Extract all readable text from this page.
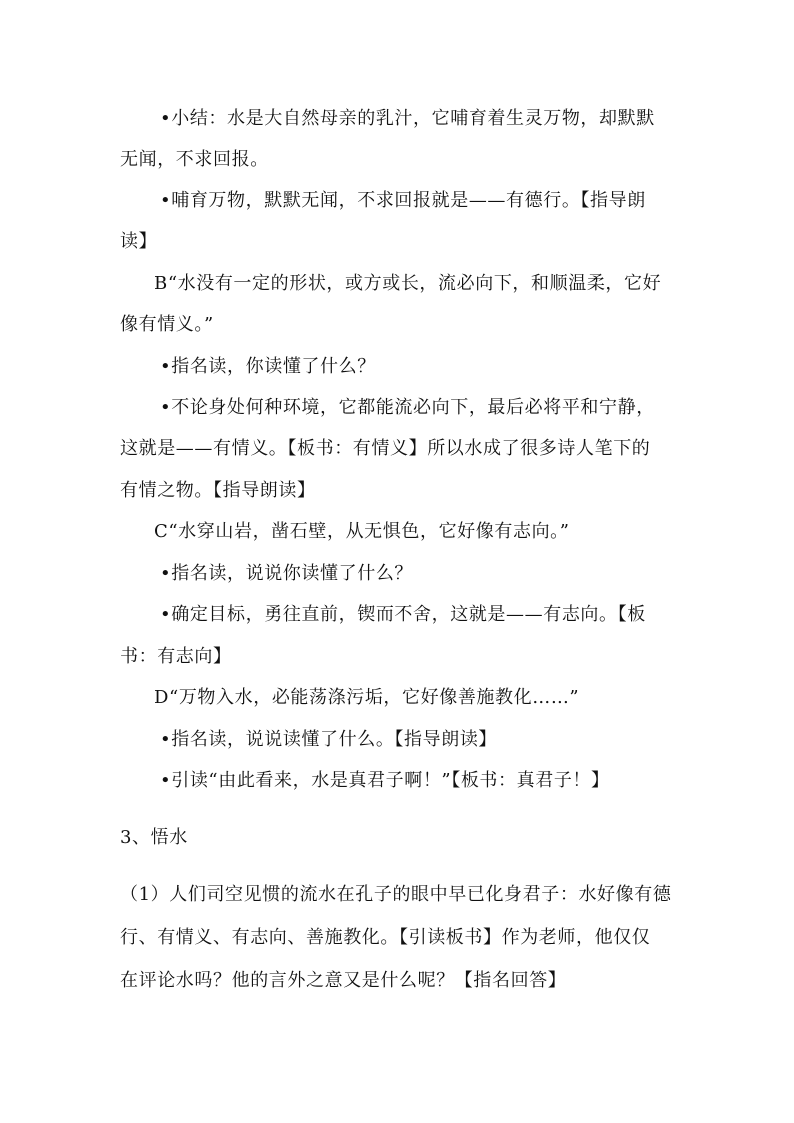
•小结：水是大自然母亲的乳汁，它哺育着生灵万物，却默默
无闻，不求回报。
•哺育万物，默默无闻，不求回报就是——有德行。【指导朗
读】
B“水没有一定的形状，或方或长，流必向下，和顺温柔，它好
像有情义。”
•指名读，你读懂了什么？
•不论身处何种环境，它都能流必向下，最后必将平和宁静，
这就是——有情义。【板书：有情义】所以水成了很多诗人笔下的
有情之物。【指导朗读】
C“水穿山岩，凿石壁，从无惧色，它好像有志向。”
•指名读，说说你读懂了什么？
•确定目标，勇往直前，锲而不舍，这就是——有志向。【板
书：有志向】
D“万物入水，必能荡涤污垢，它好像善施教化……”
•指名读，说说读懂了什么。【指导朗读】
•引读“由此看来，水是真君子啊！”【板书：真君子！】
3、悟水
（1）人们司空见惯的流水在孔子的眼中早已化身君子：水好像有德
行、有情义、有志向、善施教化。【引读板书】作为老师，他仅仅
在评论水吗？他的言外之意又是什么呢？【指名回答】
